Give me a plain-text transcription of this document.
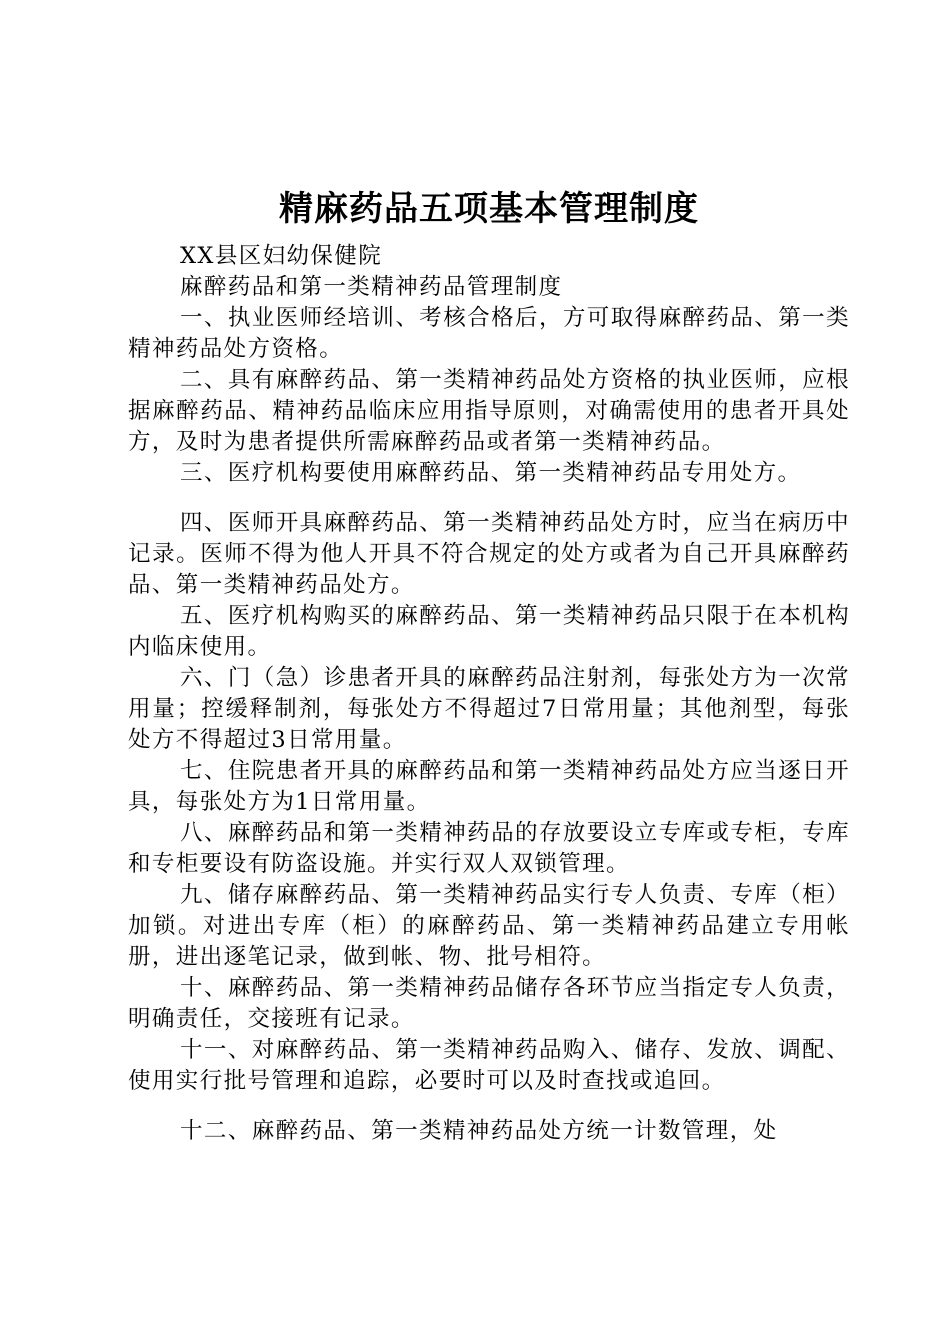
精麻药品五项基本管理制度

XX县区妇幼保健院

麻醉药品和第一类精神药品管理制度

一、执业医师经培训、考核合格后，方可取得麻醉药品、第一类精神药品处方资格。

二、具有麻醉药品、第一类精神药品处方资格的执业医师，应根据麻醉药品、精神药品临床应用指导原则，对确需使用的患者开具处方，及时为患者提供所需麻醉药品或者第一类精神药品。

三、医疗机构要使用麻醉药品、第一类精神药品专用处方。

四、医师开具麻醉药品、第一类精神药品处方时，应当在病历中记录。医师不得为他人开具不符合规定的处方或者为自己开具麻醉药品、第一类精神药品处方。

五、医疗机构购买的麻醉药品、第一类精神药品只限于在本机构内临床使用。

六、门（急）诊患者开具的麻醉药品注射剂，每张处方为一次常用量；控缓释制剂，每张处方不得超过7日常用量；其他剂型，每张处方不得超过3日常用量。

七、住院患者开具的麻醉药品和第一类精神药品处方应当逐日开具，每张处方为1日常用量。

八、麻醉药品和第一类精神药品的存放要设立专库或专柜，专库和专柜要设有防盗设施。并实行双人双锁管理。

九、储存麻醉药品、第一类精神药品实行专人负责、专库（柜）加锁。对进出专库（柜）的麻醉药品、第一类精神药品建立专用帐册，进出逐笔记录，做到帐、物、批号相符。

十、麻醉药品、第一类精神药品储存各环节应当指定专人负责，明确责任，交接班有记录。

十一、对麻醉药品、第一类精神药品购入、储存、发放、调配、使用实行批号管理和追踪，必要时可以及时查找或追回。

十二、麻醉药品、第一类精神药品处方统一计数管理，处
